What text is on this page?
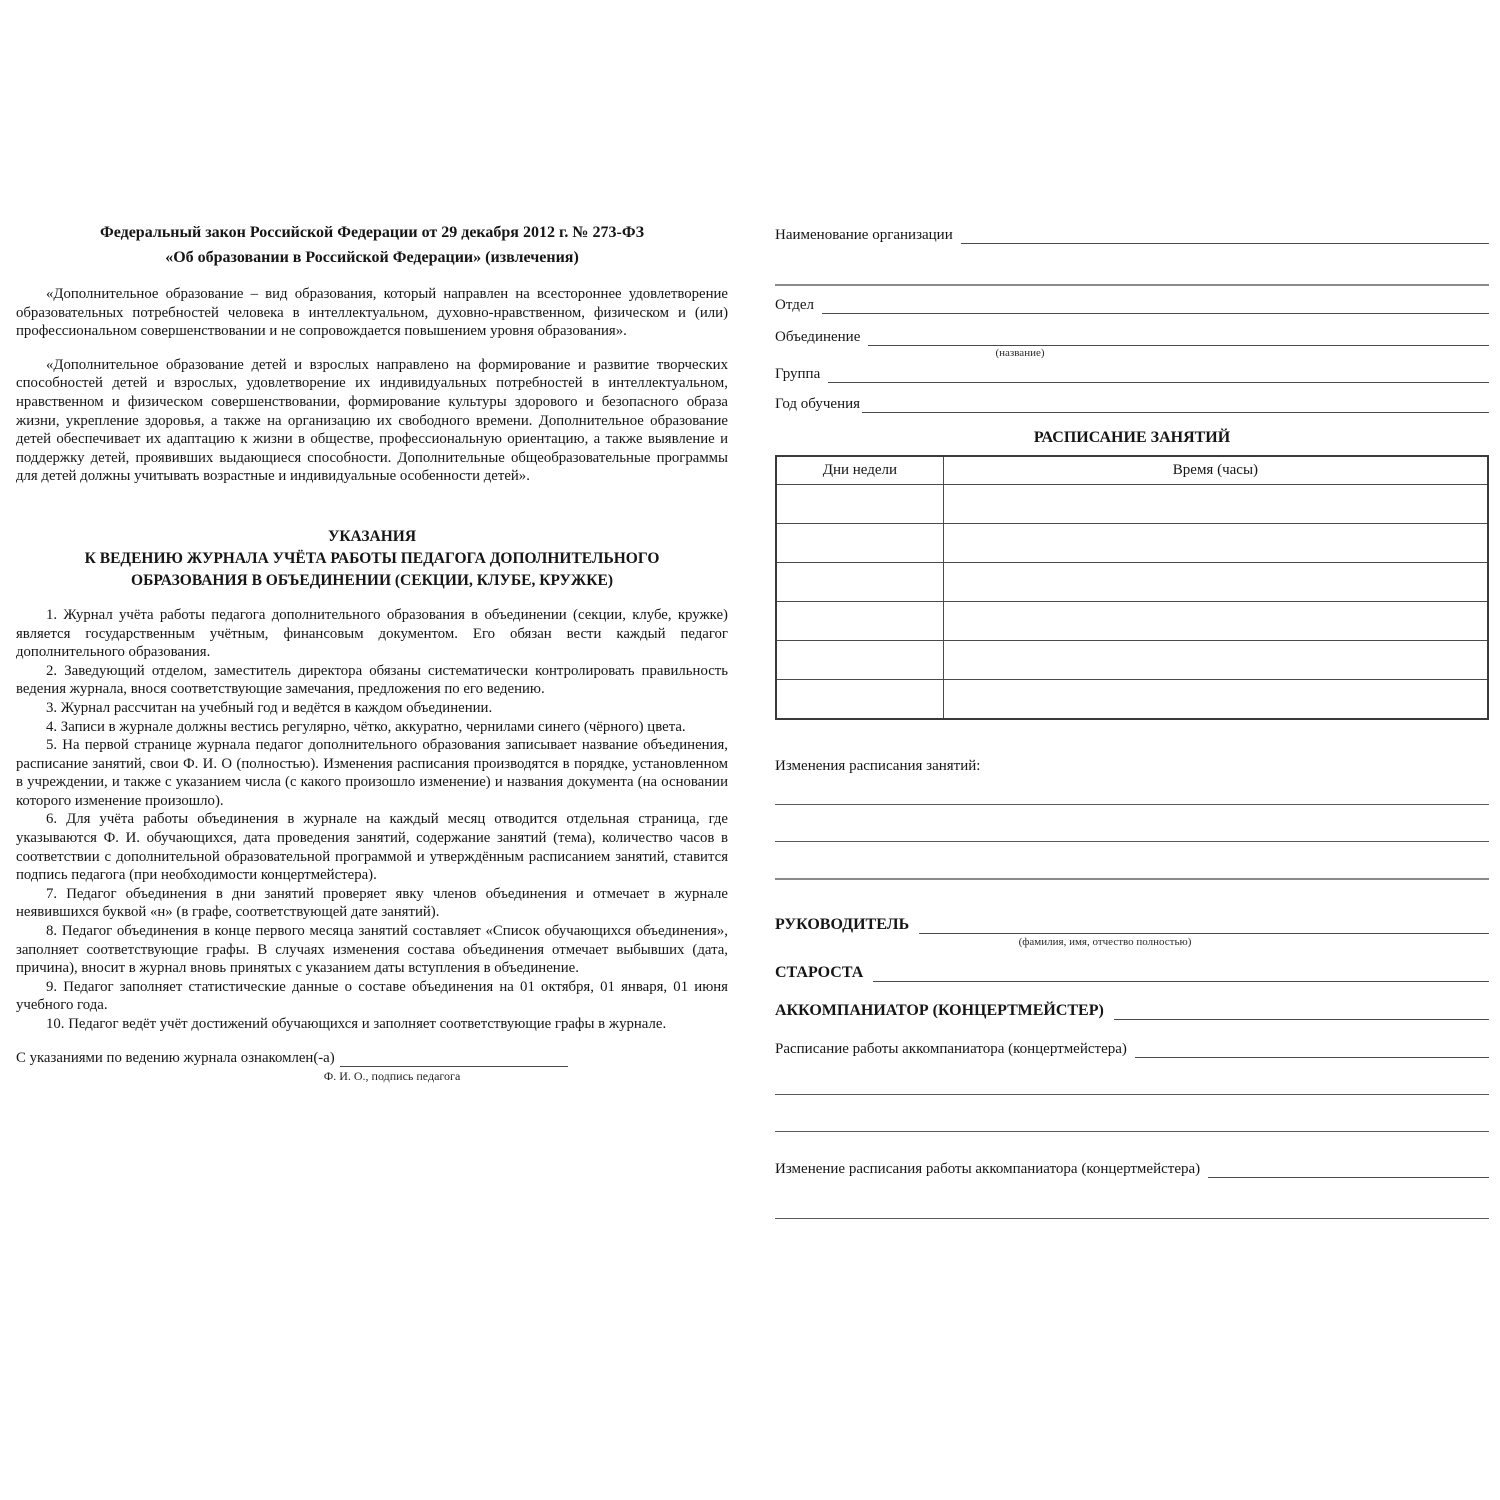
Федеральный закон Российской Федерации от 29 декабря 2012 г. № 273-ФЗ
«Об образовании в Российской Федерации» (извлечения)

«Дополнительное образование – вид образования, который направлен на всестороннее удовлетворение образовательных потребностей человека в интеллектуальном, духовно-нравственном, физическом и (или) профессиональном совершенствовании и не сопровождается повышением уровня образования».

«Дополнительное образование детей и взрослых направлено на формирование и развитие творческих способностей детей и взрослых, удовлетворение их индивидуальных потребностей в интеллектуальном, нравственном и физическом совершенствовании, формирование культуры здорового и безопасного образа жизни, укрепление здоровья, а также на организацию их свободного времени. Дополнительное образование детей обеспечивает их адаптацию к жизни в обществе, профессиональную ориентацию, а также выявление и поддержку детей, проявивших выдающиеся способности. Дополнительные общеобразовательные программы для детей должны учитывать возрастные и индивидуальные особенности детей».

УКАЗАНИЯ
К ВЕДЕНИЮ ЖУРНАЛА УЧЁТА РАБОТЫ ПЕДАГОГА ДОПОЛНИТЕЛЬНОГО
ОБРАЗОВАНИЯ В ОБЪЕДИНЕНИИ (СЕКЦИИ, КЛУБЕ, КРУЖКЕ)

1. Журнал учёта работы педагога дополнительного образования в объединении (секции, клубе, кружке) является государственным учётным, финансовым документом. Его обязан вести каждый педагог дополнительного образования.

2. Заведующий отделом, заместитель директора обязаны систематически контролировать правильность ведения журнала, внося соответствующие замечания, предложения по его ведению.

3. Журнал рассчитан на учебный год и ведётся в каждом объединении.

4. Записи в журнале должны вестись регулярно, чётко, аккуратно, чернилами синего (чёрного) цвета.

5. На первой странице журнала педагог дополнительного образования записывает название объединения, расписание занятий, свои Ф. И. О (полностью). Изменения расписания производятся в порядке, установленном в учреждении, и также с указанием числа (с какого произошло изменение) и названия документа (на основании которого изменение произошло).

6. Для учёта работы объединения в журнале на каждый месяц отводится отдельная страница, где указываются Ф. И. обучающихся, дата проведения занятий, содержание занятий (тема), количество часов в соответствии с дополнительной образовательной программой и утверждённым расписанием занятий, ставится подпись педагога (при необходимости концертмейстера).

7. Педагог объединения в дни занятий проверяет явку членов объединения и отмечает в журнале неявившихся буквой «н» (в графе, соответствующей дате занятий).

8. Педагог объединения в конце первого месяца занятий составляет «Список обучающихся объединения», заполняет соответствующие графы. В случаях изменения состава объединения отмечает выбывших (дата, причина), вносит в журнал вновь принятых с указанием даты вступления в объединение.

9. Педагог заполняет статистические данные о составе объединения на 01 октября, 01 января, 01 июня учебного года.

10. Педагог ведёт учёт достижений обучающихся и заполняет соответствующие графы в журнале.

С указаниями по ведению журнала ознакомлен(-а)
Ф. И. О., подпись педагога
Наименование организации
Отдел
Объединение
(название)
Группа
Год обучения

РАСПИСАНИЕ ЗАНЯТИЙ

Дни недели	Время (часы)

Изменения расписания занятий:

РУКОВОДИТЕЛЬ
(фамилия, имя, отчество полностью)
СТАРОСТА
АККОМПАНИАТОР (КОНЦЕРТМЕЙСТЕР)
Расписание работы аккомпаниатора (концертмейстера)
Изменение расписания работы аккомпаниатора (концертмейстера)
